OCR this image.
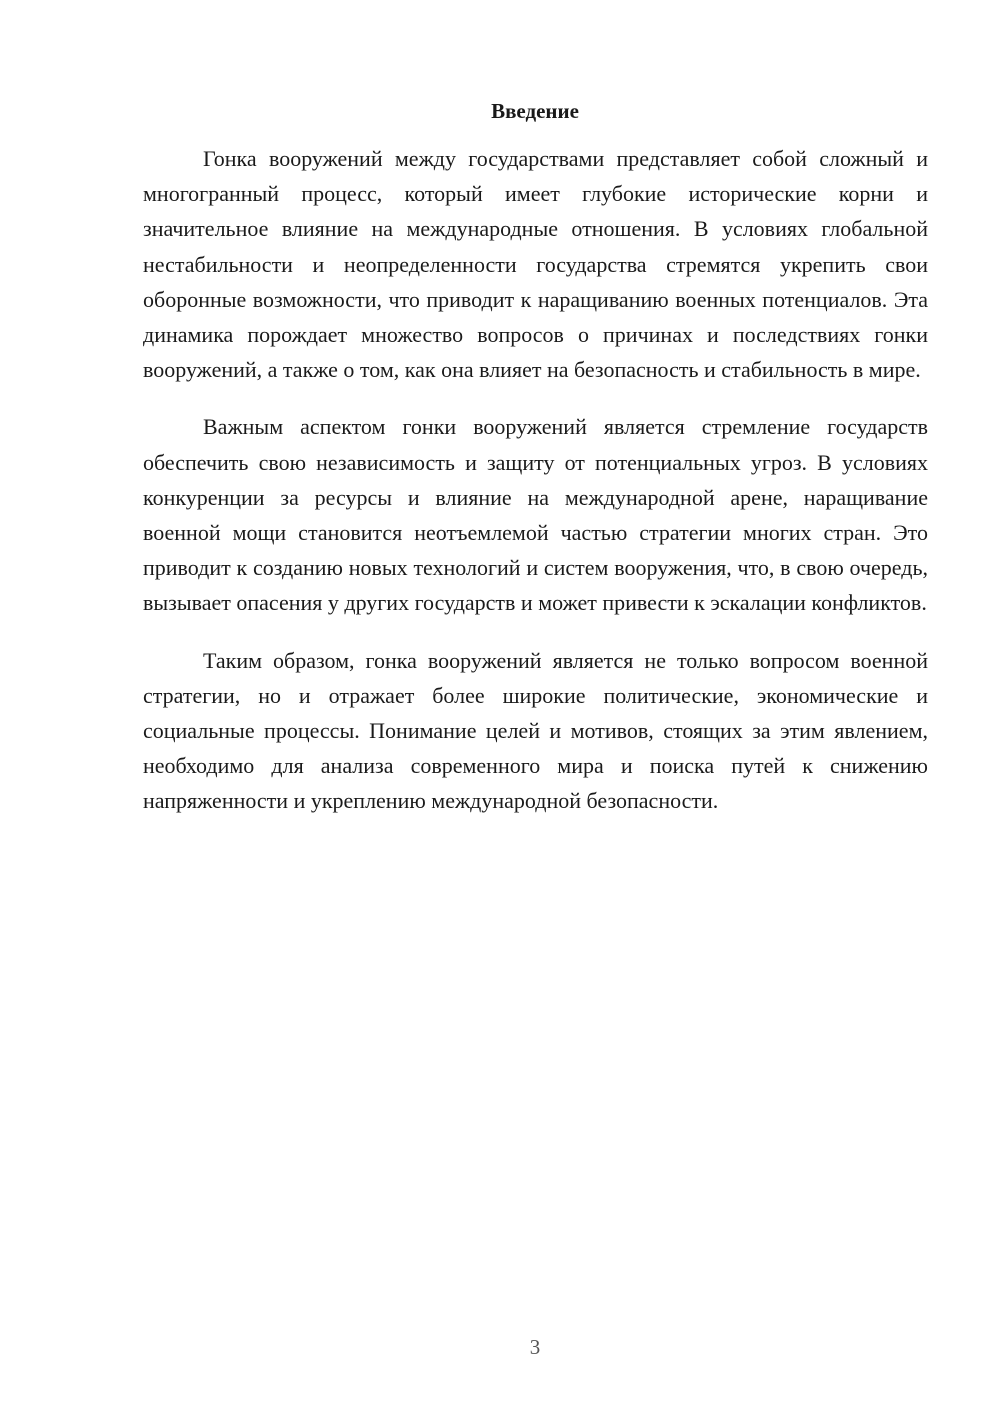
Введение

Гонка вооружений между государствами представляет собой сложный и многогранный процесс, который имеет глубокие исторические корни и значительное влияние на международные отношения. В условиях глобальной нестабильности и неопределенности государства стремятся укрепить свои оборонные возможности, что приводит к наращиванию военных потенциалов. Эта динамика порождает множество вопросов о причинах и последствиях гонки вооружений, а также о том, как она влияет на безопасность и стабильность в мире.

Важным аспектом гонки вооружений является стремление государств обеспечить свою независимость и защиту от потенциальных угроз. В условиях конкуренции за ресурсы и влияние на международной арене, наращивание военной мощи становится неотъемлемой частью стратегии многих стран. Это приводит к созданию новых технологий и систем вооружения, что, в свою очередь, вызывает опасения у других государств и может привести к эскалации конфликтов.

Таким образом, гонка вооружений является не только вопросом военной стратегии, но и отражает более широкие политические, экономические и социальные процессы. Понимание целей и мотивов, стоящих за этим явлением, необходимо для анализа современного мира и поиска путей к снижению напряженности и укреплению международной безопасности.

3
